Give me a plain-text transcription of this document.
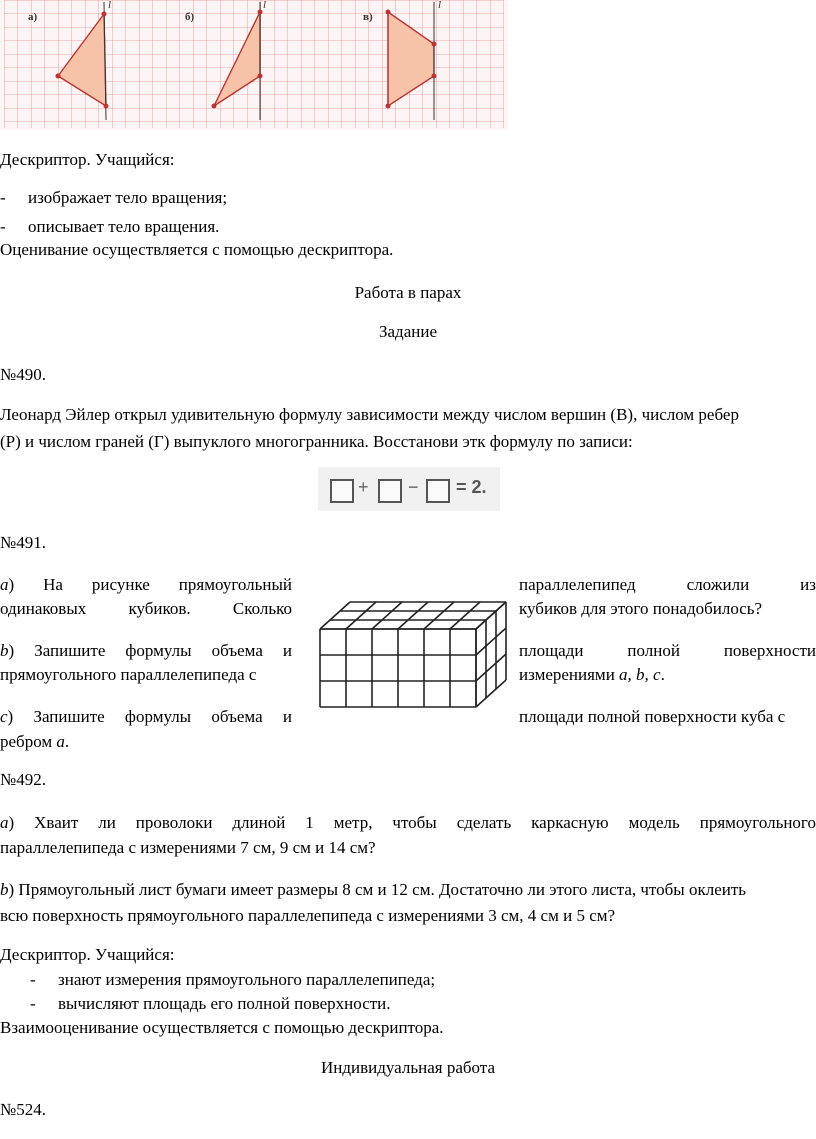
а)
l
б)
l
в)
l
Дескриптор. Учащийся:
- изображает тело вращения;
- описывает тело вращения.
Оценивание осуществляется с помощью дескриптора.
Работа в парах
Задание
№490.
Леонард Эйлер открыл удивительную формулу зависимости между числом вершин (В), числом ребер
(Р) и числом граней (Г) выпуклого многогранника. Восстанови этк формулу по записи:
+ − = 2.
№491.
а) На рисунке прямоугольный
одинаковых кубиков. Сколько
параллелепипед сложили из
кубиков для этого понадобилось?
b) Запишите формулы объема и
прямоугольного параллелепипеда с
площади полной поверхности
измерениями a, b, c.
с) Запишите формулы объема и
ребром а.
площади полной поверхности куба с
№492.
а) Хваит ли проволоки длиной 1 метр, чтобы сделать каркасную модель прямоугольного
параллелепипеда с измерениями 7 см, 9 см и 14 см?
b) Прямоугольный лист бумаги имеет размеры 8 см и 12 см. Достаточно ли этого листа, чтобы оклеить
всю поверхность прямоугольного параллелепипеда с измерениями 3 см, 4 см и 5 см?
Дескриптор. Учащийся:
- знают измерения прямоугольного параллелепипеда;
- вычисляют площадь его полной поверхности.
Взаимооценивание осуществляется с помощью дескриптора.
Индивидуальная работа
№524.
